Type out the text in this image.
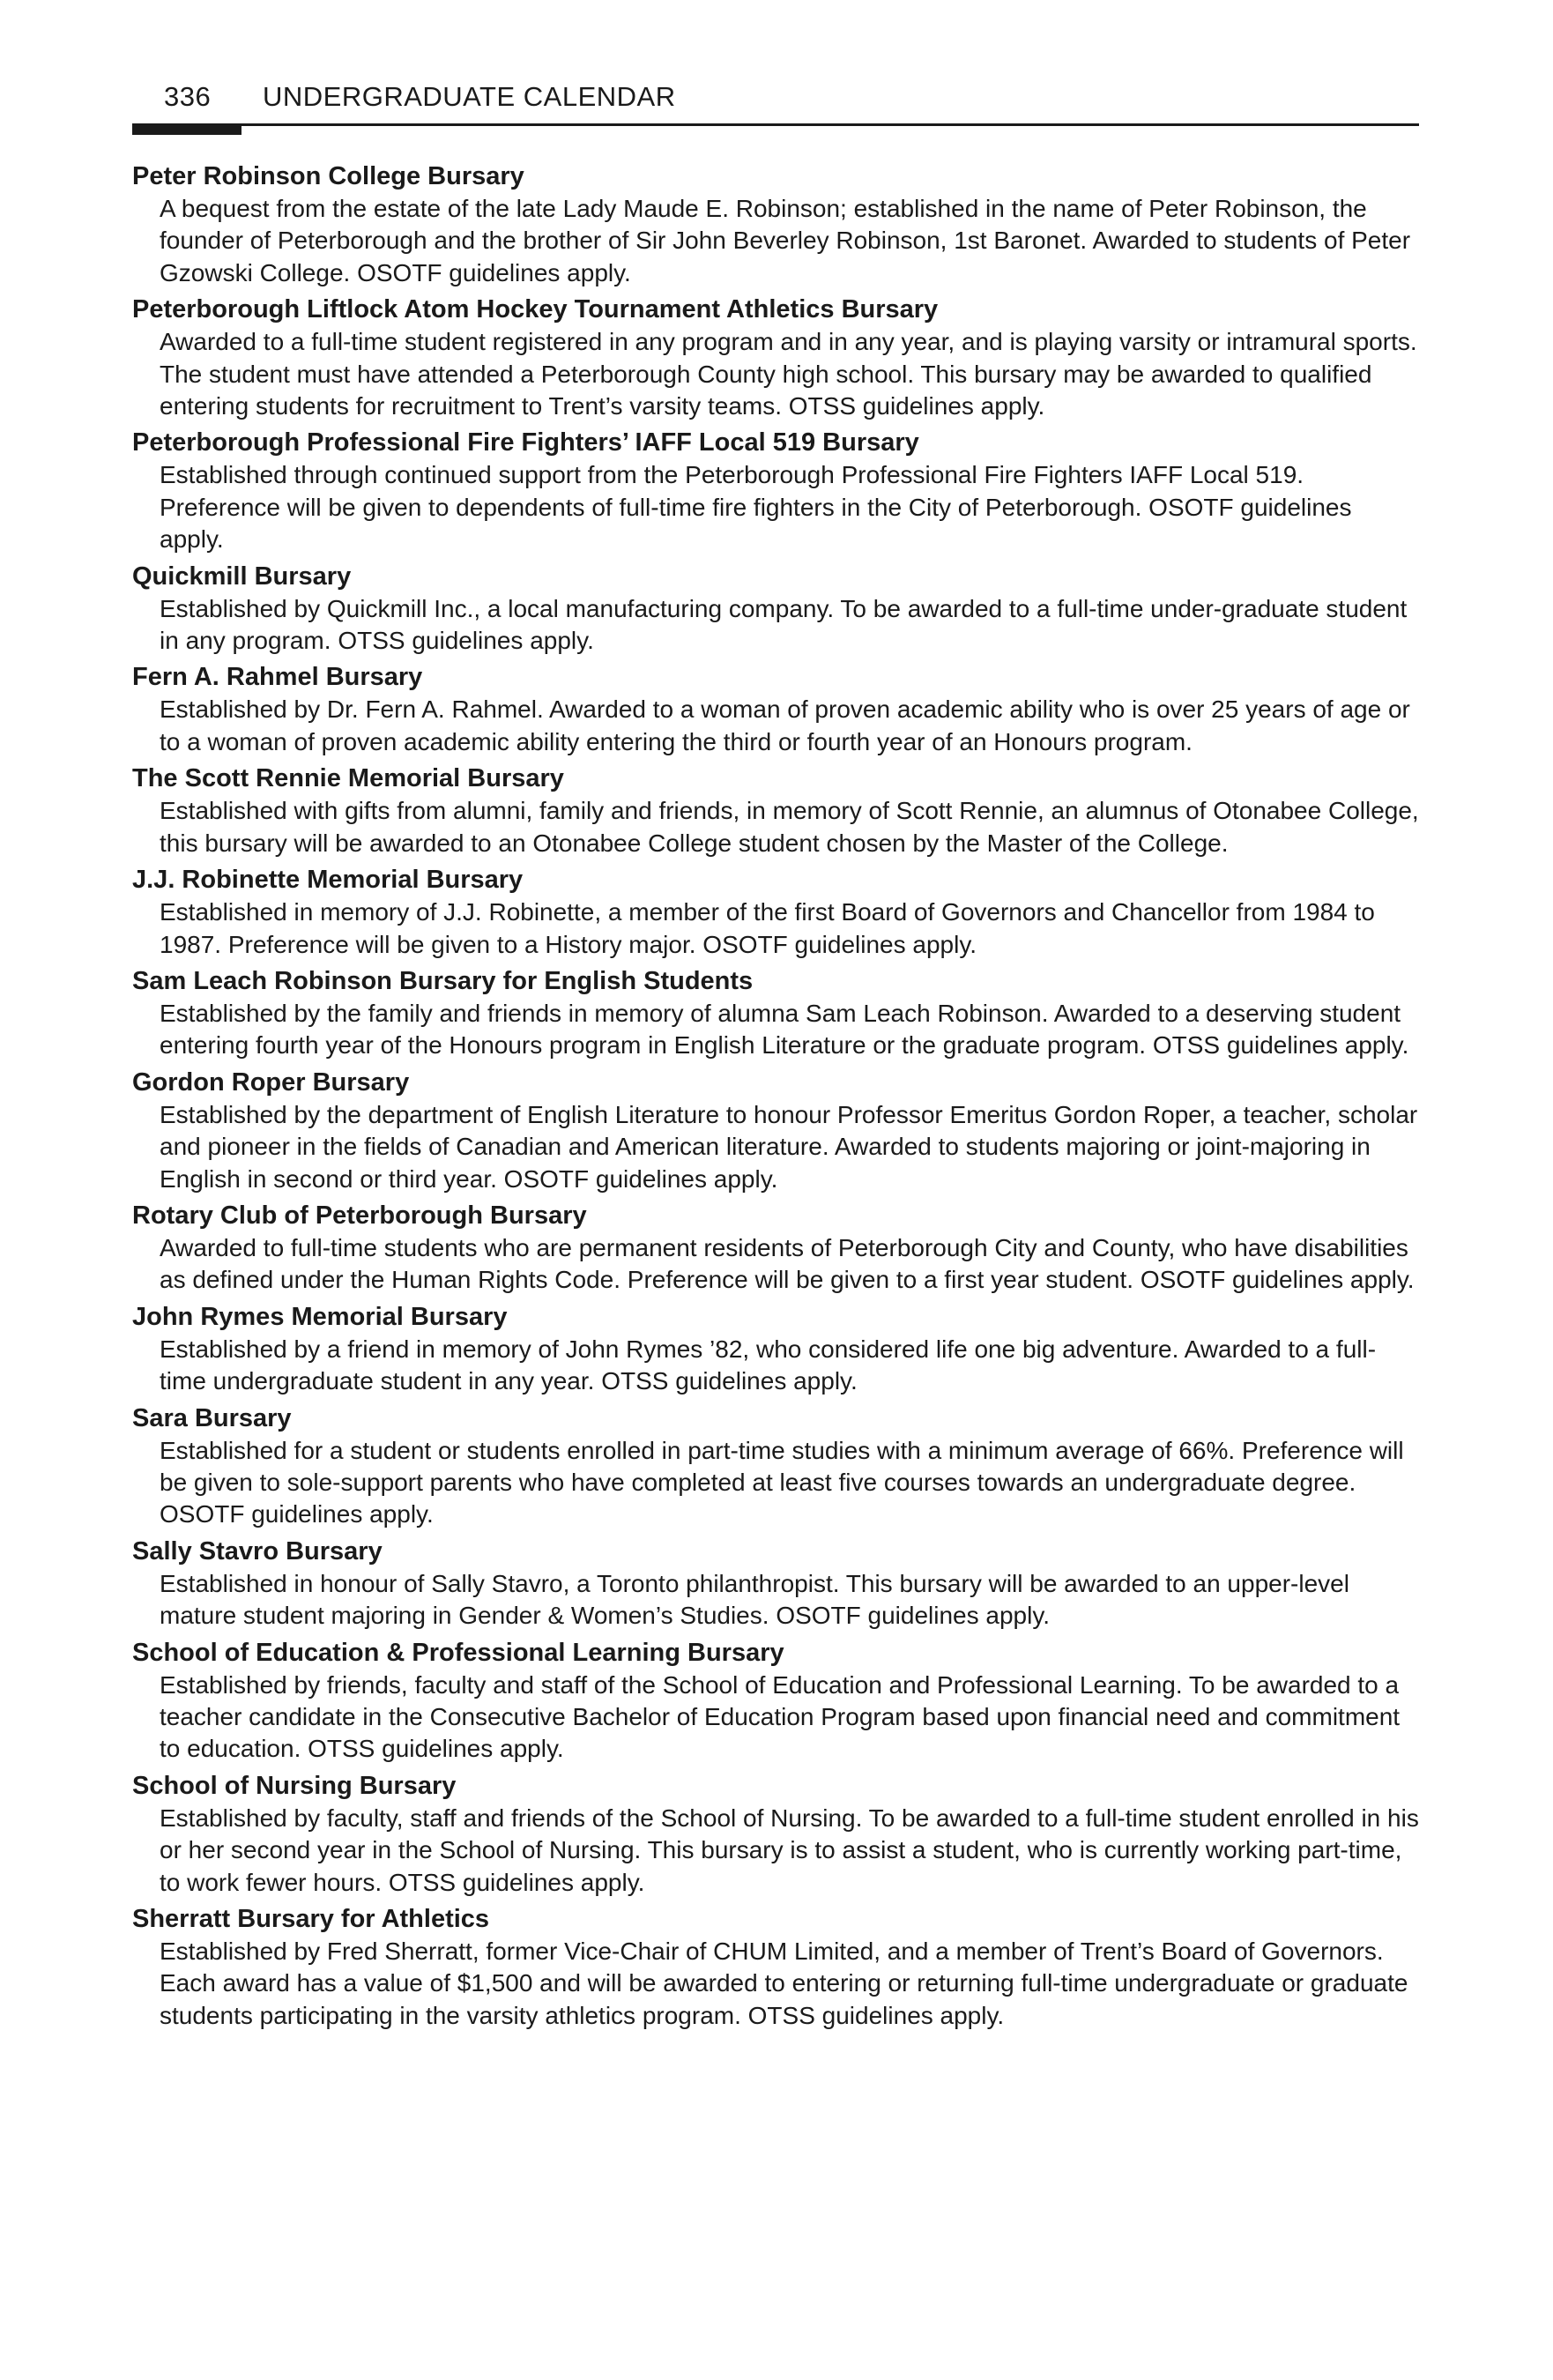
336 UNDERGRADUATE CALENDAR

Peter Robinson College Bursary

A bequest from the estate of the late Lady Maude E. Robinson; established in the name of Peter Robinson, the founder of Peterborough and the brother of Sir John Beverley Robinson, 1st Baronet. Awarded to students of Peter Gzowski College. OSOTF guidelines apply.

Peterborough Liftlock Atom Hockey Tournament Athletics Bursary

Awarded to a full-time student registered in any program and in any year, and is playing varsity or intramural sports. The student must have attended a Peterborough County high school. This bursary may be awarded to qualified entering students for recruitment to Trent’s varsity teams. OTSS guidelines apply.

Peterborough Professional Fire Fighters’ IAFF Local 519 Bursary

Established through continued support from the Peterborough Professional Fire Fighters IAFF Local 519. Preference will be given to dependents of full-time fire fighters in the City of Peterborough. OSOTF guidelines apply.

Quickmill Bursary

Established by Quickmill Inc., a local manufacturing company. To be awarded to a full-time under-graduate student in any program. OTSS guidelines apply.

Fern A. Rahmel Bursary

Established by Dr. Fern A. Rahmel. Awarded to a woman of proven academic ability who is over 25 years of age or to a woman of proven academic ability entering the third or fourth year of an Honours program.

The Scott Rennie Memorial Bursary

Established with gifts from alumni, family and friends, in memory of Scott Rennie, an alumnus of Otonabee College, this bursary will be awarded to an Otonabee College student chosen by the Master of the College.

J.J. Robinette Memorial Bursary

Established in memory of J.J. Robinette, a member of the first Board of Governors and Chancellor from 1984 to 1987. Preference will be given to a History major. OSOTF guidelines apply.

Sam Leach Robinson Bursary for English Students

Established by the family and friends in memory of alumna Sam Leach Robinson. Awarded to a deserving student entering fourth year of the Honours program in English Literature or the graduate program. OTSS guidelines apply.

Gordon Roper Bursary

Established by the department of English Literature to honour Professor Emeritus Gordon Roper, a teacher, scholar and pioneer in the fields of Canadian and American literature. Awarded to students majoring or joint-majoring in English in second or third year. OSOTF guidelines apply.

Rotary Club of Peterborough Bursary

Awarded to full-time students who are permanent residents of Peterborough City and County, who have disabilities as defined under the Human Rights Code. Preference will be given to a first year student. OSOTF guidelines apply.

John Rymes Memorial Bursary

Established by a friend in memory of John Rymes ’82, who considered life one big adventure. Awarded to a full-time undergraduate student in any year. OTSS guidelines apply.

Sara Bursary

Established for a student or students enrolled in part-time studies with a minimum average of 66%. Preference will be given to sole-support parents who have completed at least five courses towards an undergraduate degree. OSOTF guidelines apply.

Sally Stavro Bursary

Established in honour of Sally Stavro, a Toronto philanthropist. This bursary will be awarded to an upper-level mature student majoring in Gender & Women’s Studies. OSOTF guidelines apply.

School of Education & Professional Learning Bursary

Established by friends, faculty and staff of the School of Education and Professional Learning. To be awarded to a teacher candidate in the Consecutive Bachelor of Education Program based upon financial need and commitment to education. OTSS guidelines apply.

School of Nursing Bursary

Established by faculty, staff and friends of the School of Nursing. To be awarded to a full-time student enrolled in his or her second year in the School of Nursing. This bursary is to assist a student, who is currently working part-time, to work fewer hours. OTSS guidelines apply.

Sherratt Bursary for Athletics

Established by Fred Sherratt, former Vice-Chair of CHUM Limited, and a member of Trent’s Board of Governors. Each award has a value of $1,500 and will be awarded to entering or returning full-time undergraduate or graduate students participating in the varsity athletics program. OTSS guidelines apply.
